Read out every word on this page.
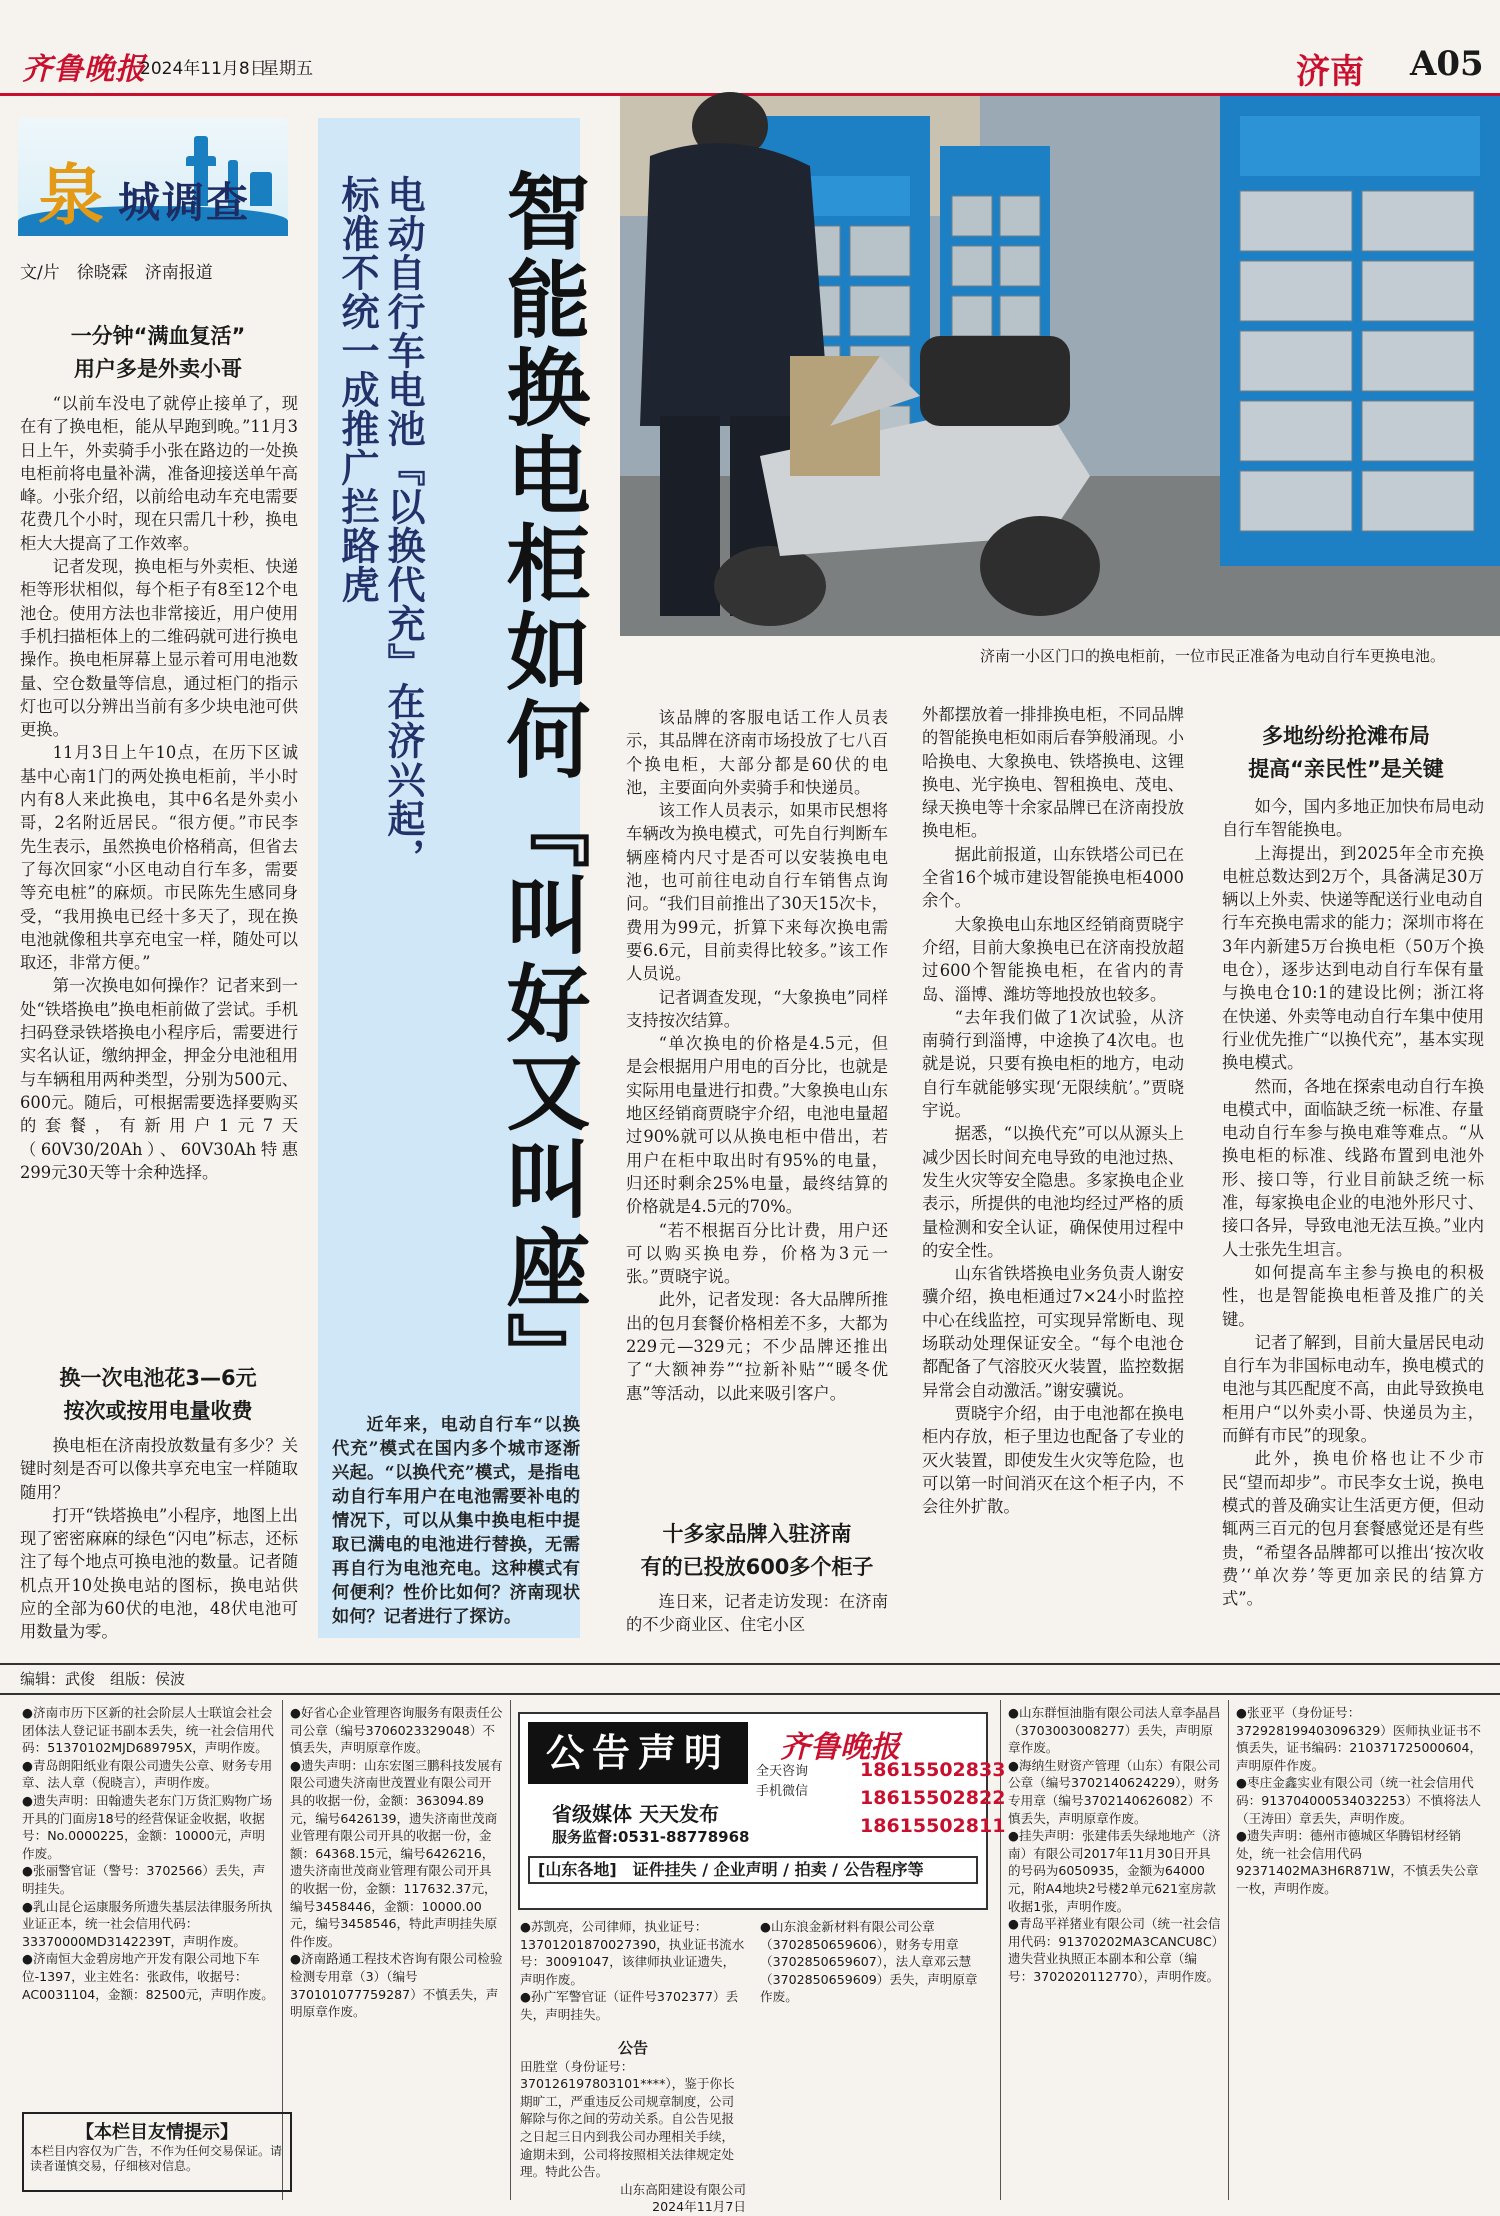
齐鲁晚报
2024年11月8日
星期五	济南 A05
泉 城调查
文/片　徐晓霖　济南报道
一分钟“满血复活”
用户多是外卖小哥

“以前车没电了就停止接单了，现在有了换电柜，能从早跑到晚。”11月3日上午，外卖骑手小张在路边的一处换电柜前将电量补满，准备迎接送单午高峰。小张介绍，以前给电动车充电需要花费几个小时，现在只需几十秒，换电柜大大提高了工作效率。

记者发现，换电柜与外卖柜、快递柜等形状相似，每个柜子有8至12个电池仓。使用方法也非常接近，用户使用手机扫描柜体上的二维码就可进行换电操作。换电柜屏幕上显示着可用电池数量、空仓数量等信息，通过柜门的指示灯也可以分辨出当前有多少块电池可供更换。

11月3日上午10点，在历下区诚基中心南1门的两处换电柜前，半小时内有8人来此换电，其中6名是外卖小哥，2名附近居民。“很方便。”市民李先生表示，虽然换电价格稍高，但省去了每次回家“小区电动自行车多，需要等充电桩”的麻烦。市民陈先生感同身受，“我用换电已经十多天了，现在换电池就像租共享充电宝一样，随处可以取还，非常方便。”

第一次换电如何操作？记者来到一处“铁塔换电”换电柜前做了尝试。手机扫码登录铁塔换电小程序后，需要进行实名认证，缴纳押金，押金分电池租用与车辆租用两种类型，分别为500元、600元。随后，可根据需要选择要购买的套餐，有新用户1元7天（60V30/20Ah）、60V30Ah特惠299元30天等十余种选择。

换一次电池花3—6元
按次或按用电量收费

换电柜在济南投放数量有多少？关键时刻是否可以像共享充电宝一样随取随用？

打开“铁塔换电”小程序，地图上出现了密密麻麻的绿色“闪电”标志，还标注了每个地点可换电池的数量。记者随机点开10处换电站的图标，换电站供应的全部为60伏的电池，48伏电池可用数量为零。

电动自行车电池『以换代充』在济兴起，标准不统一成推广拦路虎	智能换电柜如何『叫好又叫座』
近年来，电动自行车“以换代充”模式在国内多个城市逐渐兴起。“以换代充”模式，是指电动自行车用户在电池需要补电的情况下，可以从集中换电柜中提取已满电的电池进行替换，无需再自行为电池充电。这种模式有何便利？性价比如何？济南现状如何？记者进行了探访。
济南一小区门口的换电柜前，一位市民正准备为电动自行车更换电池。

该品牌的客服电话工作人员表示，其品牌在济南市场投放了七八百个换电柜，大部分都是60伏的电池，主要面向外卖骑手和快递员。

该工作人员表示，如果市民想将车辆改为换电模式，可先自行判断车辆座椅内尺寸是否可以安装换电电池，也可前往电动自行车销售点询问。“我们目前推出了30天15次卡，费用为99元，折算下来每次换电需要6.6元，目前卖得比较多。”该工作人员说。

记者调查发现，“大象换电”同样支持按次结算。

“单次换电的价格是4.5元，但是会根据用户用电的百分比，也就是实际用电量进行扣费。”大象换电山东地区经销商贾晓宇介绍，电池电量超过90%就可以从换电柜中借出，若用户在柜中取出时有95%的电量，归还时剩余25%电量，最终结算的价格就是4.5元的70%。

“若不根据百分比计费，用户还可以购买换电券，价格为3元一张。”贾晓宇说。

此外，记者发现：各大品牌所推出的包月套餐价格相差不多，大都为229元—329元；不少品牌还推出了“大额神券”“拉新补贴”“暖冬优惠”等活动，以此来吸引客户。

十多家品牌入驻济南
有的已投放600多个柜子

连日来，记者走访发现：在济南的不少商业区、住宅小区

外都摆放着一排排换电柜，不同品牌的智能换电柜如雨后春笋般涌现。小哈换电、大象换电、铁塔换电、这锂换电、光宇换电、智租换电、茂电、绿天换电等十余家品牌已在济南投放换电柜。

据此前报道，山东铁塔公司已在全省16个城市建设智能换电柜4000余个。

大象换电山东地区经销商贾晓宇介绍，目前大象换电已在济南投放超过600个智能换电柜，在省内的青岛、淄博、潍坊等地投放也较多。

“去年我们做了1次试验，从济南骑行到淄博，中途换了4次电。也就是说，只要有换电柜的地方，电动自行车就能够实现‘无限续航’。”贾晓宇说。

据悉，“以换代充”可以从源头上减少因长时间充电导致的电池过热、发生火灾等安全隐患。多家换电企业表示，所提供的电池均经过严格的质量检测和安全认证，确保使用过程中的安全性。

山东省铁塔换电业务负责人谢安骥介绍，换电柜通过7×24小时监控中心在线监控，可实现异常断电、现场联动处理保证安全。“每个电池仓都配备了气溶胶灭火装置，监控数据异常会自动激活。”谢安骥说。

贾晓宇介绍，由于电池都在换电柜内存放，柜子里边也配备了专业的灭火装置，即使发生火灾等危险，也可以第一时间消灭在这个柜子内，不会往外扩散。

多地纷纷抢滩布局
提高“亲民性”是关键

如今，国内多地正加快布局电动自行车智能换电。

上海提出，到2025年全市充换电桩总数达到2万个，具备满足30万辆以上外卖、快递等配送行业电动自行车充换电需求的能力；深圳市将在3年内新建5万台换电柜（50万个换电仓），逐步达到电动自行车保有量与换电仓10:1的建设比例；浙江将在快递、外卖等电动自行车集中使用行业优先推广“以换代充”，基本实现换电模式。

然而，各地在探索电动自行车换电模式中，面临缺乏统一标准、存量电动自行车参与换电难等难点。“从换电柜的标准、线路布置到电池外形、接口等，行业目前缺乏统一标准，每家换电企业的电池外形尺寸、接口各异，导致电池无法互换。”业内人士张先生坦言。

如何提高车主参与换电的积极性，也是智能换电柜普及推广的关键。

记者了解到，目前大量居民电动自行车为非国标电动车，换电模式的电池与其匹配度不高，由此导致换电柜用户“以外卖小哥、快递员为主，而鲜有市民”的现象。

此外，换电价格也让不少市民“望而却步”。市民李女士说，换电模式的普及确实让生活更方便，但动辄两三百元的包月套餐感觉还是有些贵，“希望各品牌都可以推出‘按次收费’‘单次券’等更加亲民的结算方式”。

编辑：武俊　组版：侯波

●济南市历下区新的社会阶层人士联谊会社会团体法人登记证书副本丢失，统一社会信用代码：51370102MJD689795X，声明作废。

●青岛朗阳纸业有限公司遗失公章、财务专用章、法人章（倪晓言），声明作废。

●遗失声明：田翰遗失老东门万货汇购物广场开具的门面房18号的经营保证金收据，收据号：No.0000225，金额：10000元，声明作废。

●张丽警官证（警号：3702566）丢失，声明挂失。

●乳山昆仑运康服务所遗失基层法律服务所执业证正本，统一社会信用代码：33370000MD3142239T，声明作废。

●济南恒大金碧房地产开发有限公司地下车位-1397，业主姓名：张政伟，收据号：AC0031104，金额：82500元，声明作废。

【本栏目友情提示】
本栏目内容仅为广告，不作为任何交易保证。请读者谨慎交易，仔细核对信息。

●好省心企业管理咨询服务有限责任公司公章（编号3706023329048）不慎丢失，声明原章作废。

●遗失声明：山东宏图三鹏科技发展有限公司遗失济南世茂置业有限公司开具的收据一份，金额：363094.89元，编号6426139，遗失济南世茂商业管理有限公司开具的收据一份，金额：64368.15元，编号6426216，遗失济南世茂商业管理有限公司开具的收据一份，金额：117632.37元，编号3458446，金额：10000.00元，编号3458546，特此声明挂失原件作废。

●济南路通工程技术咨询有限公司检验检测专用章（3）（编号370101077759287）不慎丢失，声明原章作废。

公告声明	齐鲁晚报
全天咨询
手机微信
18615502833
18615502822
18615502811
省级媒体 天天发布
服务监督:0531-88778968
[山东各地]　证件挂失 / 企业声明 / 拍卖 / 公告程序等

●苏凯亮，公司律师，执业证号：13701201870027390，执业证书流水号：30091047，该律师执业证遗失，声明作废。

●孙广军警官证（证件号3702377）丢失，声明挂失。

●山东浪金新材料有限公司公章（3702850659606），财务专用章（3702850659607），法人章邓云慧（3702850659609）丢失，声明原章作废。

公告
田胜堂（身份证号：370126197803101****），鉴于你长期旷工，严重违反公司规章制度，公司解除与你之间的劳动关系。自公告见报之日起三日内到我公司办理相关手续，逾期未到，公司将按照相关法律规定处理。特此公告。
山东高阳建设有限公司
2024年11月7日

●山东群恒油脂有限公司法人章李晶昌（3703003008277）丢失，声明原章作废。

●海纳生财资产管理（山东）有限公司公章（编号3702140624229），财务专用章（编号3702140626082）不慎丢失，声明原章作废。

●挂失声明：张建伟丢失绿地地产（济南）有限公司2017年11月30日开具的号码为6050935，金额为64000元，附A4地块2号楼2单元621室房款收据1张，声明作废。

●青岛平祥猪业有限公司（统一社会信用代码：91370202MA3CANCU8C）遗失营业执照正本副本和公章（编号：3702020112770），声明作废。

●张亚平（身份证号：372928199403096329）医师执业证书不慎丢失，证书编码：210371725000604，声明原件作废。

●枣庄金鑫实业有限公司（统一社会信用代码：913704000534032253）不慎将法人（王涛田）章丢失，声明作废。

●遗失声明：德州市德城区华腾铝材经销处，统一社会信用代码92371402MA3H6R871W，不慎丢失公章一枚，声明作废。
